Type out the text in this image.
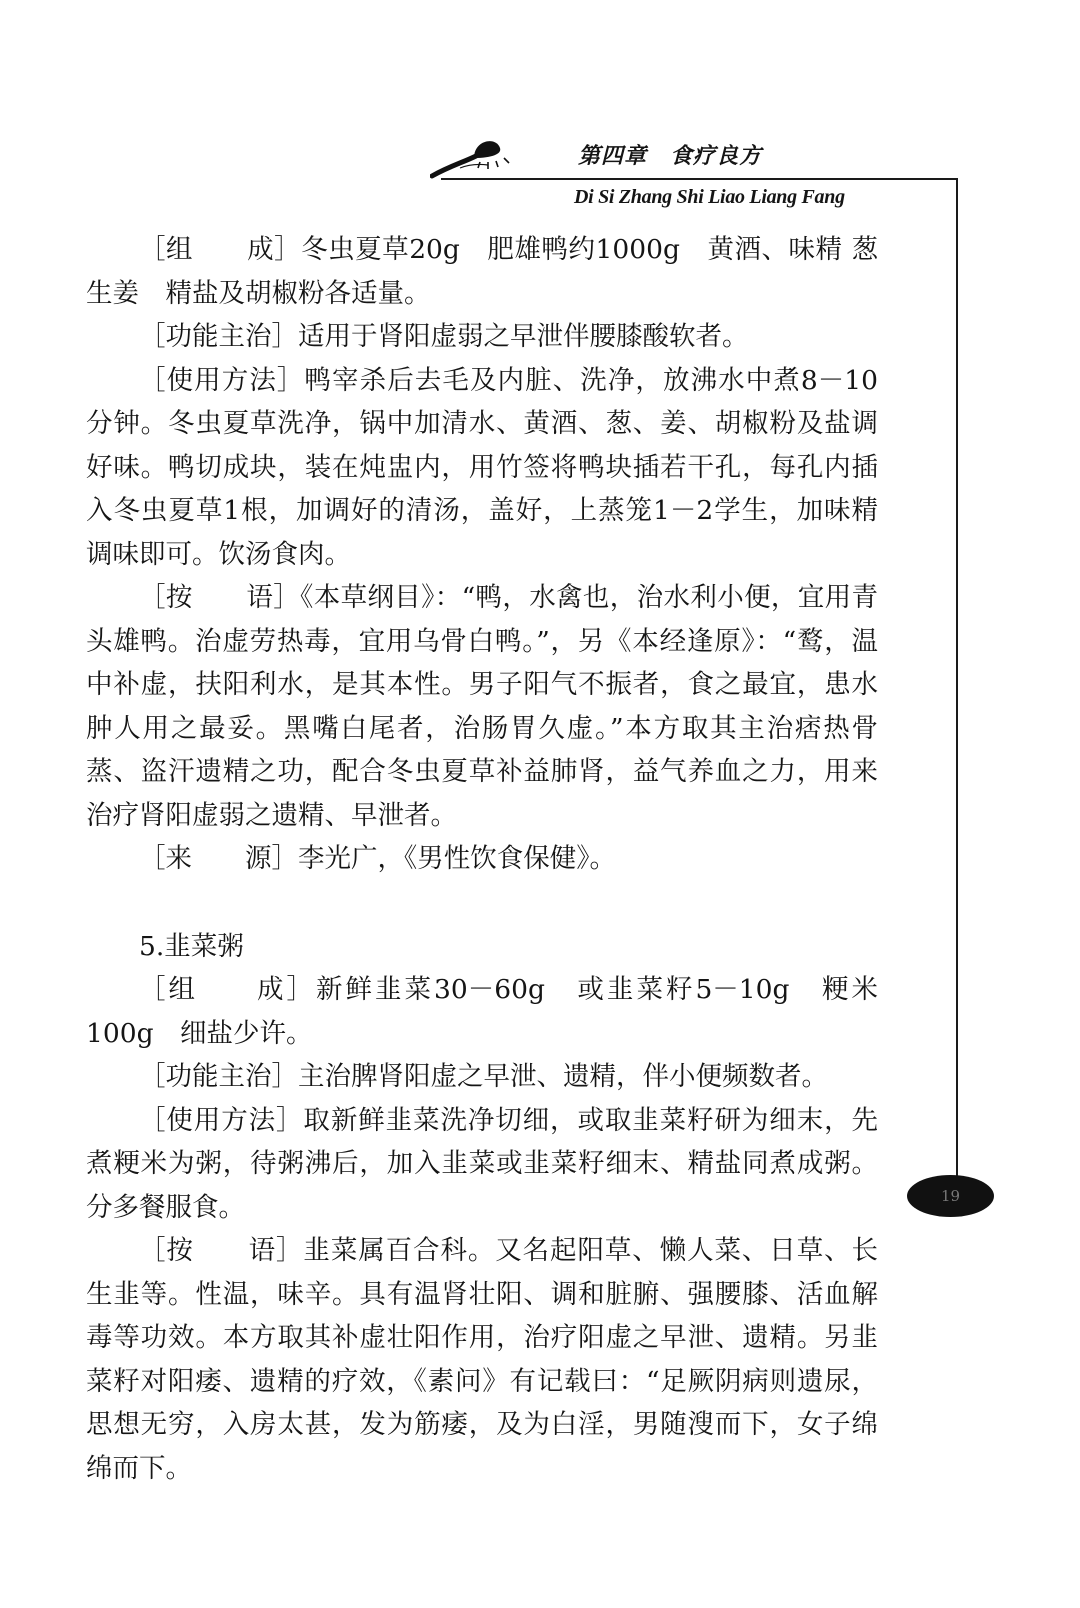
第四章　食疗良方
Di Si Zhang Shi Liao Liang Fang
19

［组　　成］冬虫夏草20g　肥雄鸭约1000g　黄酒、味精 葱 生姜　精盐及胡椒粉各适量。

［功能主治］适用于肾阳虚弱之早泄伴腰膝酸软者。

［使用方法］鸭宰杀后去毛及内脏、洗净，放沸水中煮8－10分钟。冬虫夏草洗净，锅中加清水、黄酒、葱、姜、胡椒粉及盐调好味。鸭切成块，装在炖盅内，用竹签将鸭块插若干孔，每孔内插入冬虫夏草1根，加调好的清汤，盖好，上蒸笼1－2学生，加味精调味即可。饮汤食肉。

［按　　语］《本草纲目》：“鸭，水禽也，治水利小便，宜用青头雄鸭。治虚劳热毒，宜用乌骨白鸭。”，另《本经逢原》：“鹜，温中补虚，扶阳利水，是其本性。男子阳气不振者，食之最宜，患水肿人用之最妥。黑嘴白尾者，治肠胃久虚。”本方取其主治痞热骨蒸、盗汗遗精之功，配合冬虫夏草补益肺肾，益气养血之力，用来治疗肾阳虚弱之遗精、早泄者。

［来　　源］李光广，《男性饮食保健》。

5.韭菜粥

［组　　成］新鲜韭菜30－60g　或韭菜籽5－10g　粳米100g　细盐少许。

［功能主治］主治脾肾阳虚之早泄、遗精，伴小便频数者。

［使用方法］取新鲜韭菜洗净切细，或取韭菜籽研为细末，先煮粳米为粥，待粥沸后，加入韭菜或韭菜籽细末、精盐同煮成粥。分多餐服食。

［按　　语］韭菜属百合科。又名起阳草、懒人菜、日草、长生韭等。性温，味辛。具有温肾壮阳、调和脏腑、强腰膝、活血解毒等功效。本方取其补虚壮阳作用，治疗阳虚之早泄、遗精。另韭菜籽对阳痿、遗精的疗效，《素问》有记载曰：“足厥阴病则遗尿，思想无穷，入房太甚，发为筋痿，及为白淫，男随溲而下，女子绵绵而下。
